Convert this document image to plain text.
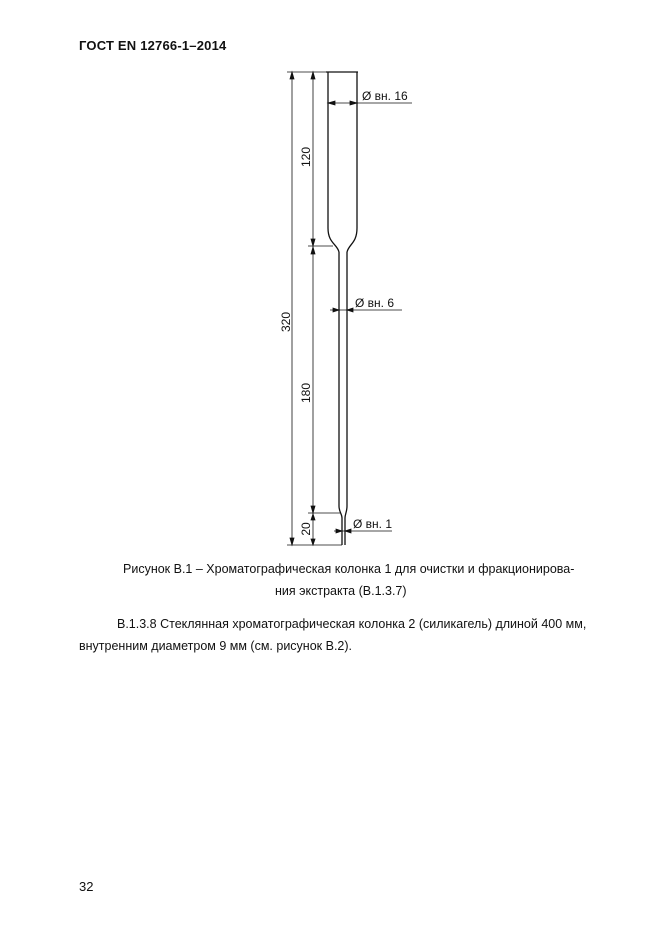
ГОСТ EN 12766-1–2014
Ø вн. 16
Ø вн. 6
Ø вн. 1
320
120
180
20
Рисунок В.1 – Хроматографическая колонка 1 для очистки и фракционирова-
ния экстракта (В.1.3.7)
В.1.3.8 Стеклянная хроматографическая колонка 2 (силикагель) длиной 400 мм,
внутренним диаметром 9 мм (см. рисунок В.2).
32
